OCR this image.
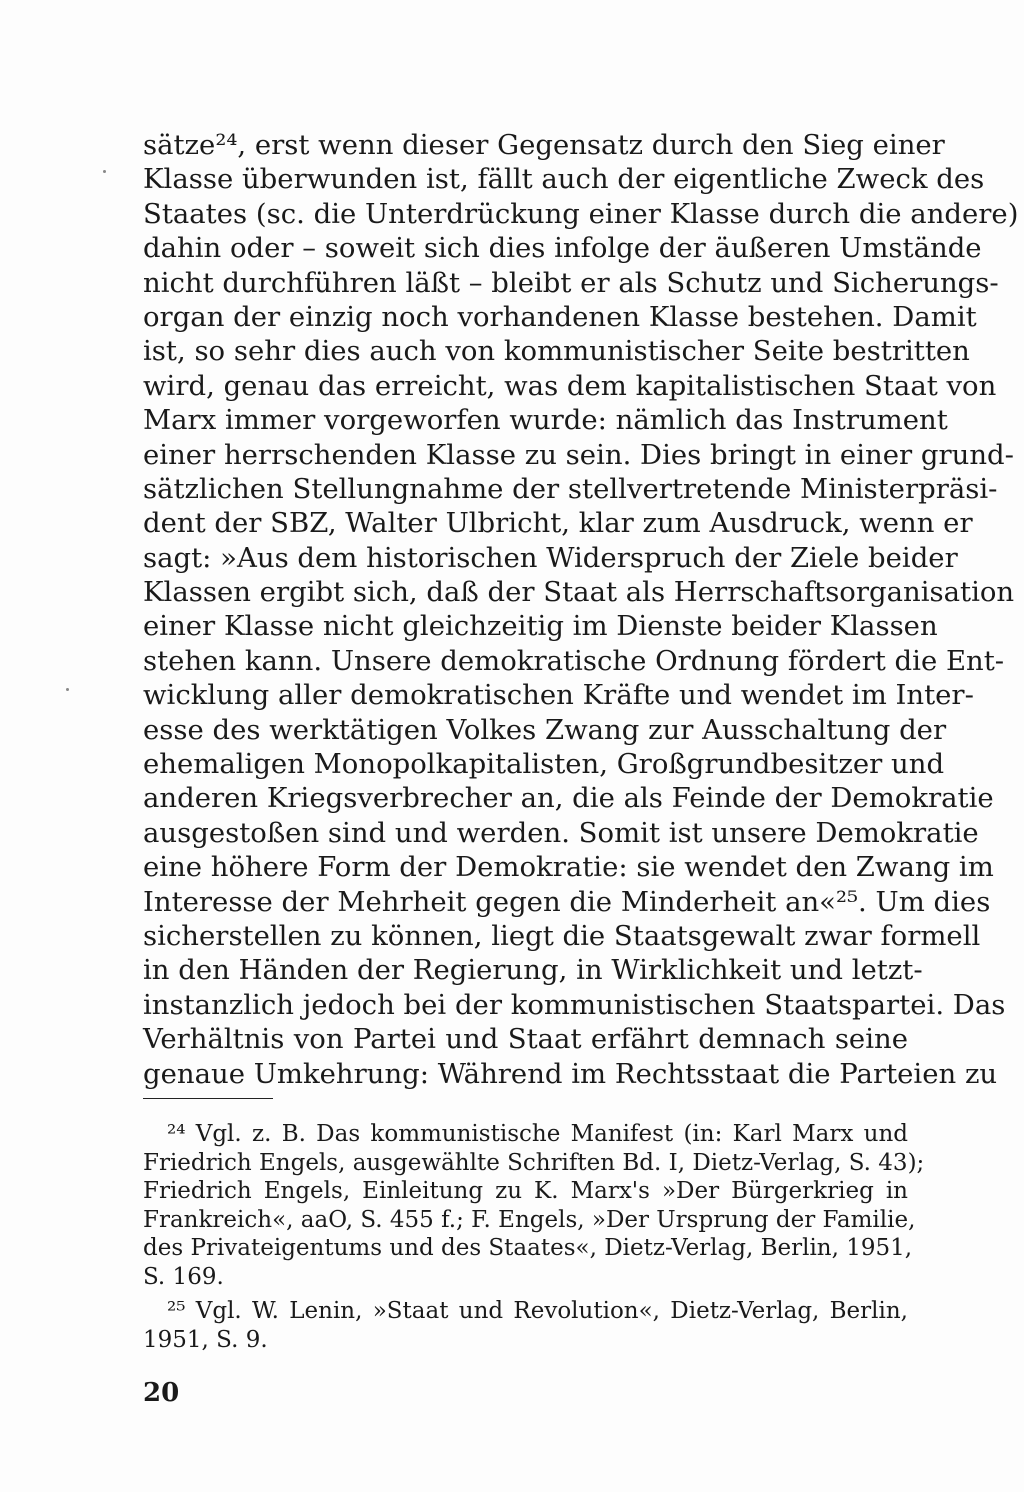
sätze²⁴, erst wenn dieser Gegensatz durch den Sieg einer
Klasse überwunden ist, fällt auch der eigentliche Zweck des
Staates (sc. die Unterdrückung einer Klasse durch die andere)
dahin oder – soweit sich dies infolge der äußeren Umstände
nicht durchführen läßt – bleibt er als Schutz und Sicherungs-
organ der einzig noch vorhandenen Klasse bestehen. Damit
ist, so sehr dies auch von kommunistischer Seite bestritten
wird, genau das erreicht, was dem kapitalistischen Staat von
Marx immer vorgeworfen wurde: nämlich das Instrument
einer herrschenden Klasse zu sein. Dies bringt in einer grund-
sätzlichen Stellungnahme der stellvertretende Ministerpräsi-
dent der SBZ, Walter Ulbricht, klar zum Ausdruck, wenn er
sagt: »Aus dem historischen Widerspruch der Ziele beider
Klassen ergibt sich, daß der Staat als Herrschaftsorganisation
einer Klasse nicht gleichzeitig im Dienste beider Klassen
stehen kann. Unsere demokratische Ordnung fördert die Ent-
wicklung aller demokratischen Kräfte und wendet im Inter-
esse des werktätigen Volkes Zwang zur Ausschaltung der
ehemaligen Monopolkapitalisten, Großgrundbesitzer und
anderen Kriegsverbrecher an, die als Feinde der Demokratie
ausgestoßen sind und werden. Somit ist unsere Demokratie
eine höhere Form der Demokratie: sie wendet den Zwang im
Interesse der Mehrheit gegen die Minderheit an«²⁵. Um dies
sicherstellen zu können, liegt die Staatsgewalt zwar formell
in den Händen der Regierung, in Wirklichkeit und letzt-
instanzlich jedoch bei der kommunistischen Staatspartei. Das
Verhältnis von Partei und Staat erfährt demnach seine
genaue Umkehrung: Während im Rechtsstaat die Parteien zu
²⁴ Vgl. z. B. Das kommunistische Manifest (in: Karl Marx und
Friedrich Engels, ausgewählte Schriften Bd. I, Dietz-Verlag, S. 43);
Friedrich Engels, Einleitung zu K. Marx's »Der Bürgerkrieg in
Frankreich«, aaO, S. 455 f.; F. Engels, »Der Ursprung der Familie,
des Privateigentums und des Staates«, Dietz-Verlag, Berlin, 1951,
S. 169.
²⁵ Vgl. W. Lenin, »Staat und Revolution«, Dietz-Verlag, Berlin,
1951, S. 9.
20
